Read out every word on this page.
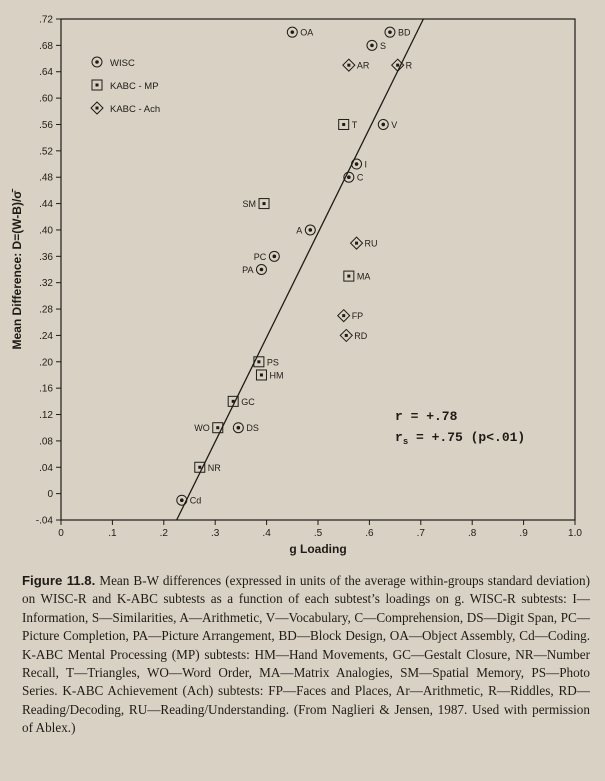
0	.1	.2	.3	.4	.5	.6	.7	.8	.9	1.0
-.04
0
.04
.08
.12
.16
.20
.24
.28
.32
.36
.40
.44
.48
.52
.56
.60
.64
.68
.72
g Loading
Mean Difference: D=(W-B)/σ̄
OA	BD
S
V
I
C
A
PC
PA
DS
Cd
T
SM
MA
PS
HM
GC
WO
NR
AR	R
RU
FP
RD
WISC
KABC - MP
KABC - Ach
r = +.78
$r_s = +.75$ (p<.01)
Figure 11.8. Mean B-W differences (expressed in units of the average within-groups standard deviation) on WISC-R and K-ABC subtests as a function of each subtest’s loadings on g. WISC-R subtests: I—Information, S—Similarities, A—Arithmetic, V—Vocabulary, C—Comprehension, DS—Digit Span, PC—Picture Completion, PA—Picture Arrangement, BD—Block Design, OA—Object Assembly, Cd—Coding. K-ABC Mental Processing (MP) subtests: HM—Hand Movements, GC—Gestalt Closure, NR—Number Recall, T—Triangles, WO—Word Order, MA—Matrix Analogies, SM—Spatial Memory, PS—Photo Series. K-ABC Achievement (Ach) subtests: FP—Faces and Places, Ar—Arithmetic, R—Riddles, RD—Reading/Decoding, RU—Reading/Understanding. (From Naglieri & Jensen, 1987. Used with permission of Ablex.)
